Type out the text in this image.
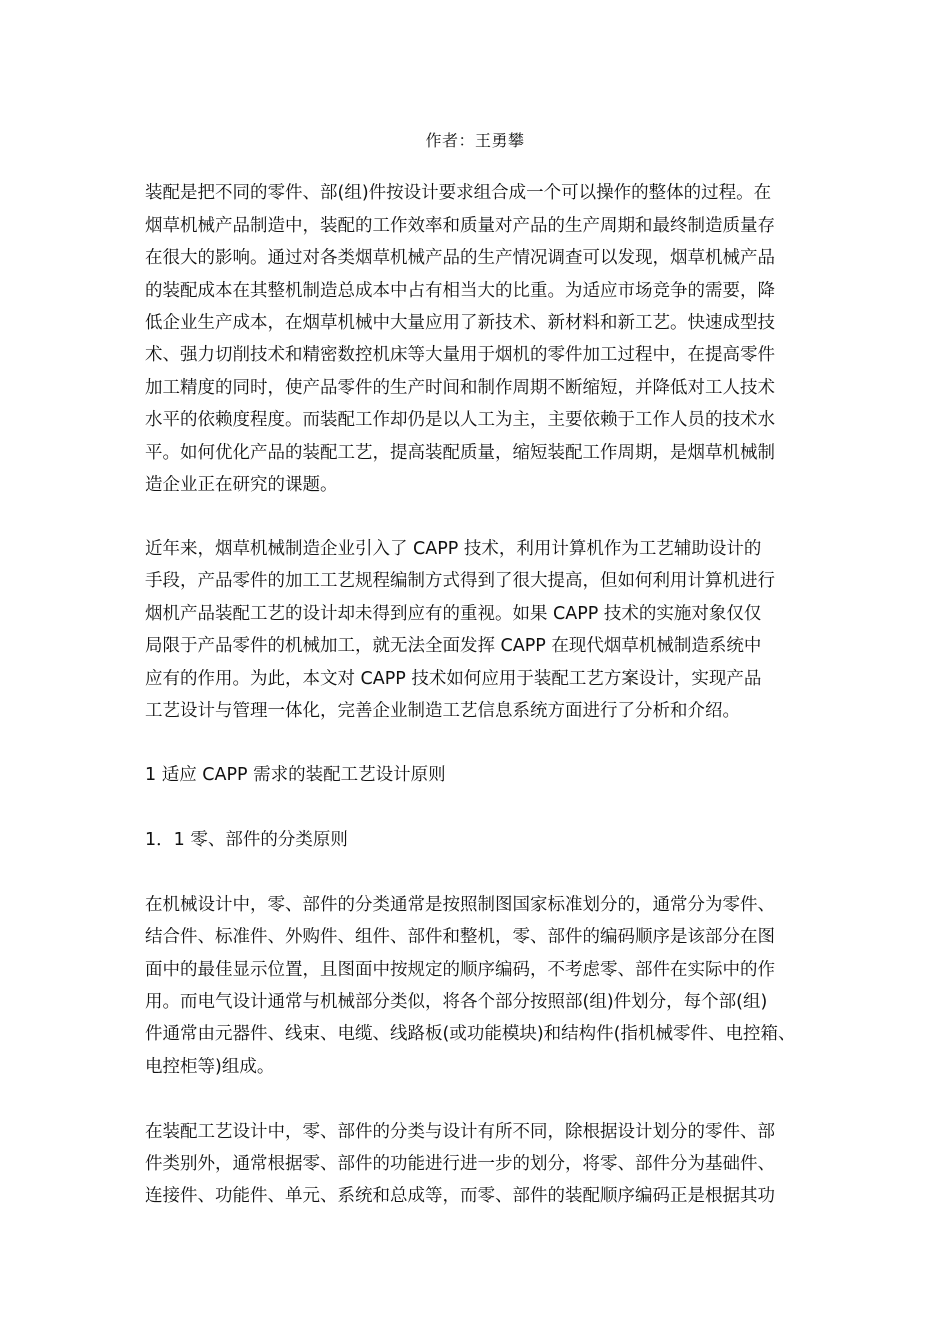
作者：王勇攀
装配是把不同的零件、部(组)件按设计要求组合成一个可以操作的整体的过程。在
烟草机械产品制造中，装配的工作效率和质量对产品的生产周期和最终制造质量存
在很大的影响。通过对各类烟草机械产品的生产情况调查可以发现，烟草机械产品
的装配成本在其整机制造总成本中占有相当大的比重。为适应市场竞争的需要，降
低企业生产成本，在烟草机械中大量应用了新技术、新材料和新工艺。快速成型技
术、强力切削技术和精密数控机床等大量用于烟机的零件加工过程中，在提高零件
加工精度的同时，使产品零件的生产时间和制作周期不断缩短，并降低对工人技术
水平的依赖度程度。而装配工作却仍是以人工为主，主要依赖于工作人员的技术水
平。如何优化产品的装配工艺，提高装配质量，缩短装配工作周期，是烟草机械制
造企业正在研究的课题。
近年来，烟草机械制造企业引入了 CAPP 技术，利用计算机作为工艺辅助设计的
手段，产品零件的加工工艺规程编制方式得到了很大提高，但如何利用计算机进行
烟机产品装配工艺的设计却未得到应有的重视。如果 CAPP 技术的实施对象仅仅
局限于产品零件的机械加工，就无法全面发挥 CAPP 在现代烟草机械制造系统中
应有的作用。为此，本文对 CAPP 技术如何应用于装配工艺方案设计，实现产品
工艺设计与管理一体化，完善企业制造工艺信息系统方面进行了分析和介绍。
1 适应 CAPP 需求的装配工艺设计原则
1．1 零、部件的分类原则
在机械设计中，零、部件的分类通常是按照制图国家标准划分的，通常分为零件、
结合件、标准件、外购件、组件、部件和整机，零、部件的编码顺序是该部分在图
面中的最佳显示位置，且图面中按规定的顺序编码，不考虑零、部件在实际中的作
用。而电气设计通常与机械部分类似，将各个部分按照部(组)件划分，每个部(组)
件通常由元器件、线束、电缆、线路板(或功能模块)和结构件(指机械零件、电控箱、
电控柜等)组成。
在装配工艺设计中，零、部件的分类与设计有所不同，除根据设计划分的零件、部
件类别外，通常根据零、部件的功能进行进一步的划分，将零、部件分为基础件、
连接件、功能件、单元、系统和总成等，而零、部件的装配顺序编码正是根据其功
